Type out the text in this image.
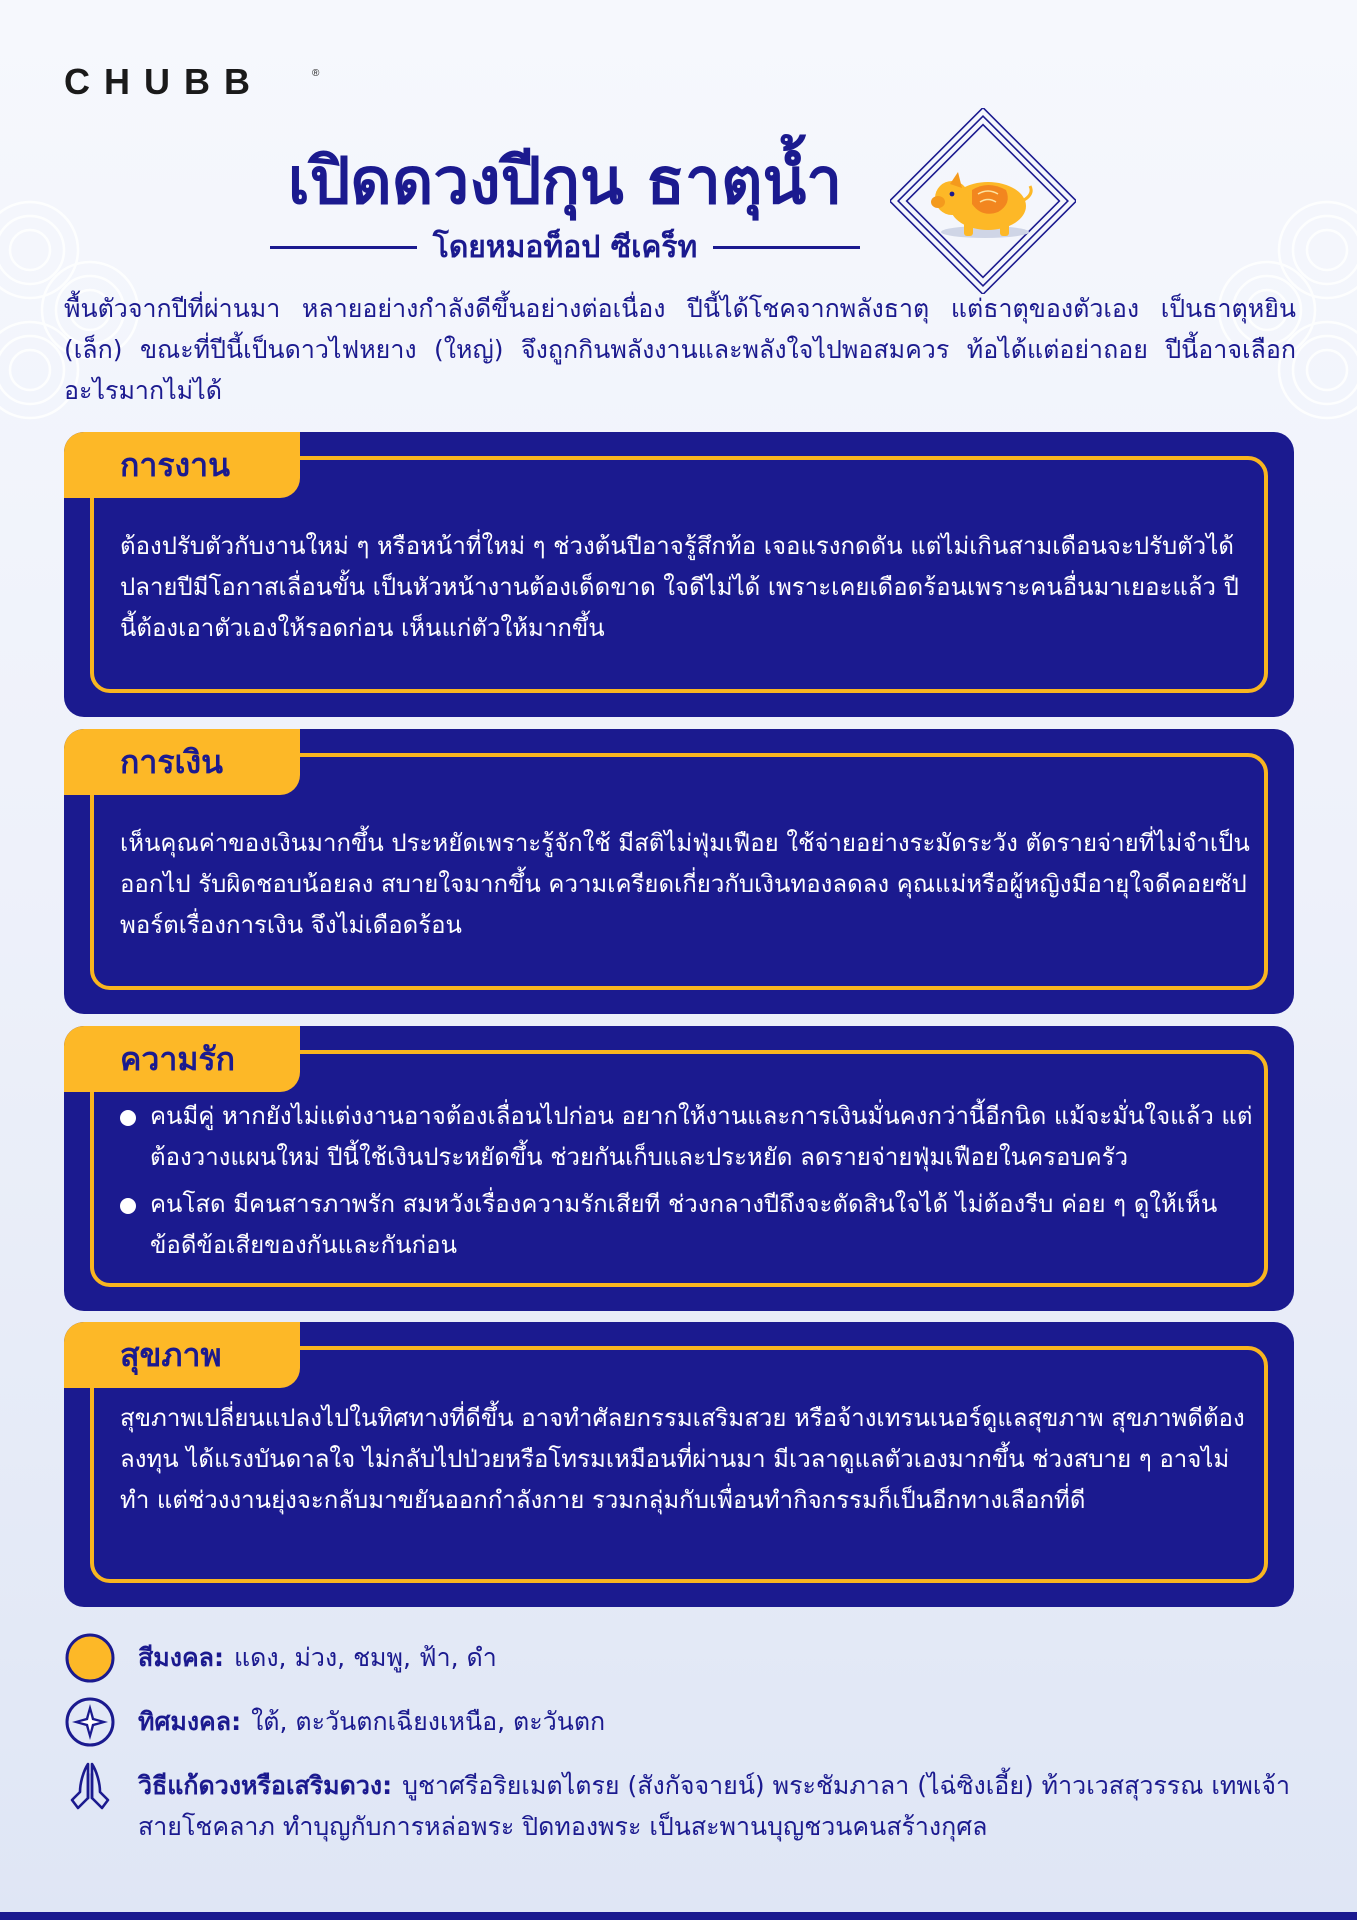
CHUBB	®
เปิดดวงปีกุน ธาตุน้ำ
โดยหมอท็อป ซีเคร็ท

พื้นตัวจากปีที่ผ่านมา หลายอย่างกำลังดีขึ้นอย่างต่อเนื่อง ปีนี้ได้โชคจากพลังธาตุ แต่ธาตุของตัวเอง เป็นธาตุหยิน (เล็ก) ขณะที่ปีนี้เป็นดาวไฟหยาง (ใหญ่) จึงถูกกินพลังงานและพลังใจไปพอสมควร ท้อได้แต่อย่าถอย ปีนี้อาจเลือกอะไรมากไม่ได้

การงาน

ต้องปรับตัวกับงานใหม่ ๆ หรือหน้าที่ใหม่ ๆ ช่วงต้นปีอาจรู้สึกท้อ เจอแรงกดดัน แต่ไม่เกินสามเดือนจะปรับตัวได้ ปลายปีมีโอกาสเลื่อนขั้น เป็นหัวหน้างานต้องเด็ดขาด ใจดีไม่ได้ เพราะเคยเดือดร้อนเพราะคนอื่นมาเยอะแล้ว ปีนี้ต้องเอาตัวเองให้รอดก่อน เห็นแก่ตัวให้มากขึ้น

การเงิน

เห็นคุณค่าของเงินมากขึ้น ประหยัดเพราะรู้จักใช้ มีสติไม่ฟุ่มเฟือย ใช้จ่ายอย่างระมัดระวัง ตัดรายจ่ายที่ไม่จำเป็นออกไป รับผิดชอบน้อยลง สบายใจมากขึ้น ความเครียดเกี่ยวกับเงินทองลดลง คุณแม่หรือผู้หญิงมีอายุใจดีคอยซัปพอร์ตเรื่องการเงิน จึงไม่เดือดร้อน

ความรัก
คนมีคู่ หากยังไม่แต่งงานอาจต้องเลื่อนไปก่อน อยากให้งานและการเงินมั่นคงกว่านี้อีกนิด แม้จะมั่นใจแล้ว แต่ต้องวางแผนใหม่ ปีนี้ใช้เงินประหยัดขึ้น ช่วยกันเก็บและประหยัด ลดรายจ่ายฟุ่มเฟือยในครอบครัว
คนโสด มีคนสารภาพรัก สมหวังเรื่องความรักเสียที ช่วงกลางปีถึงจะตัดสินใจได้ ไม่ต้องรีบ ค่อย ๆ ดูให้เห็นข้อดีข้อเสียของกันและกันก่อน
สุขภาพ

สุขภาพเปลี่ยนแปลงไปในทิศทางที่ดีขึ้น อาจทำศัลยกรรมเสริมสวย หรือจ้างเทรนเนอร์ดูแลสุขภาพ สุขภาพดีต้องลงทุน ได้แรงบันดาลใจ ไม่กลับไปป่วยหรือโทรมเหมือนที่ผ่านมา มีเวลาดูแลตัวเองมากขึ้น ช่วงสบาย ๆ อาจไม่ทำ แต่ช่วงงานยุ่งจะกลับมาขยันออกกำลังกาย รวมกลุ่มกับเพื่อนทำกิจกรรมก็เป็นอีกทางเลือกที่ดี

สีมงคล: แดง, ม่วง, ชมพู, ฟ้า, ดำ
ทิศมงคล: ใต้, ตะวันตกเฉียงเหนือ, ตะวันตก
วิธีแก้ดวงหรือเสริมดวง: บูชาศรีอริยเมตไตรย (สังกัจจายน์) พระชัมภาลา (ไฉ่ซิงเอี้ย) ท้าวเวสสุวรรณ เทพเจ้าสายโชคลาภ ทำบุญกับการหล่อพระ ปิดทองพระ เป็นสะพานบุญชวนคนสร้างกุศล
